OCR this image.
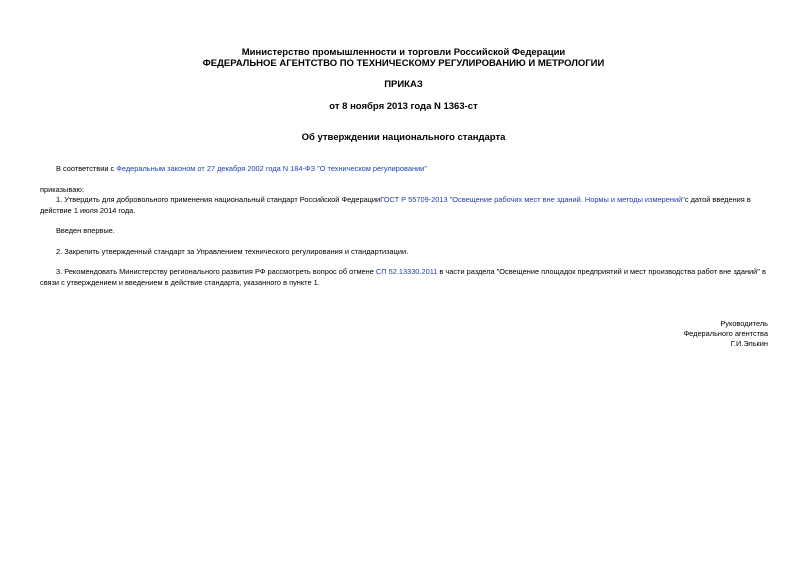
Министерство промышленности и торговли Российской Федерации
ФЕДЕРАЛЬНОЕ АГЕНТСТВО ПО ТЕХНИЧЕСКОМУ РЕГУЛИРОВАНИЮ И МЕТРОЛОГИИ
ПРИКАЗ
от 8 ноября 2013 года N 1363-ст
Об утверждении национального стандарта
В соответствии с Федеральным законом от 27 декабря 2002 года N 184-ФЗ "О техническом регулировании"
приказываю:
1. Утвердить для добровольного применения национальный стандарт Российской ФедерацииГОСТ Р 55709-2013 "Освещение рабочих мест вне зданий. Нормы и методы измерений"с датой введения в действие 1 июля 2014 года.
Введен впервые.
2. Закрепить утвержденный стандарт за Управлением технического регулирования и стандартизации.
3. Рекомендовать Министерству регионального развития РФ рассмотреть вопрос об отмене СП 52.13330.2011 в части раздела "Освещение площадок предприятий и мест производства работ вне зданий" в связи с утверждением и введением в действие стандарта, указанного в пункте 1.
Руководитель
Федерального агентства
Г.И.Элькин
